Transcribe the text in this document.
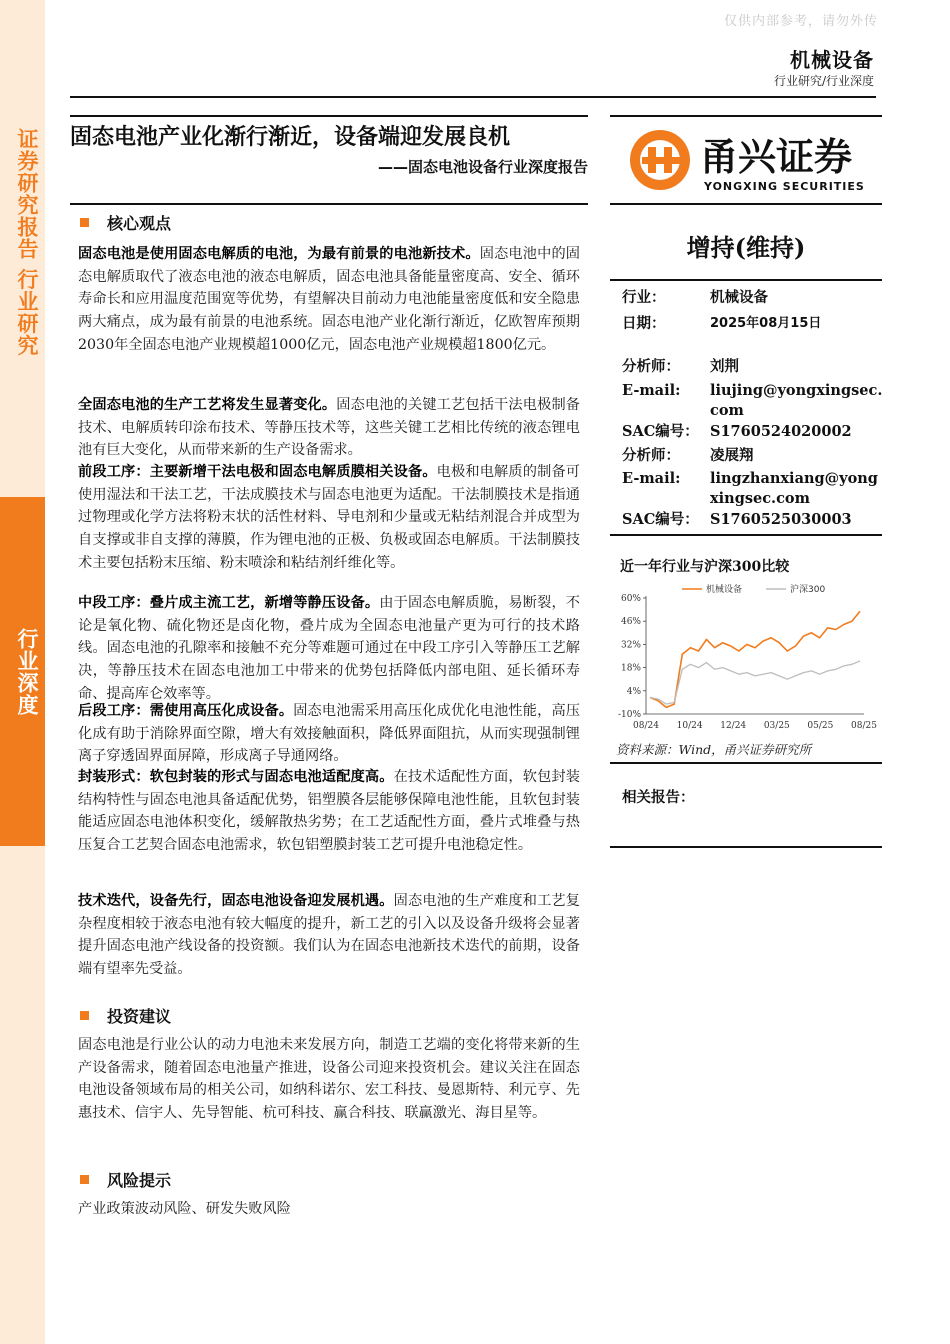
证券研究报告 行业研究
行业深度
仅供内部参考，请勿外传
机械设备
行业研究/行业深度
固态电池产业化渐行渐近，设备端迎发展良机
——固态电池设备行业深度报告
核心观点
固态电池是使用固态电解质的电池，为最有前景的电池新技术。固态电池中的固态电解质取代了液态电池的液态电解质，固态电池具备能量密度高、安全、循环寿命长和应用温度范围宽等优势，有望解决目前动力电池能量密度低和安全隐患两大痛点，成为最有前景的电池系统。固态电池产业化渐行渐近，亿欧智库预期2030年全固态电池产业规模超1000亿元，固态电池产业规模超1800亿元。
全固态电池的生产工艺将发生显著变化。固态电池的关键工艺包括干法电极制备技术、电解质转印涂布技术、等静压技术等，这些关键工艺相比传统的液态锂电池有巨大变化，从而带来新的生产设备需求。
前段工序：主要新增干法电极和固态电解质膜相关设备。电极和电解质的制备可使用湿法和干法工艺，干法成膜技术与固态电池更为适配。干法制膜技术是指通过物理或化学方法将粉末状的活性材料、导电剂和少量或无粘结剂混合并成型为自支撑或非自支撑的薄膜，作为锂电池的正极、负极或固态电解质。干法制膜技术主要包括粉末压缩、粉末喷涂和粘结剂纤维化等。
中段工序：叠片成主流工艺，新增等静压设备。由于固态电解质脆，易断裂，不论是氧化物、硫化物还是卤化物，叠片成为全固态电池量产更为可行的技术路线。固态电池的孔隙率和接触不充分等难题可通过在中段工序引入等静压工艺解决，等静压技术在固态电池加工中带来的优势包括降低内部电阻、延长循环寿命、提高库仑效率等。
后段工序：需使用高压化成设备。固态电池需采用高压化成优化电池性能，高压化成有助于消除界面空隙，增大有效接触面积，降低界面阻抗，从而实现强制锂离子穿透固界面屏障，形成离子导通网络。
封装形式：软包封装的形式与固态电池适配度高。在技术适配性方面，软包封装结构特性与固态电池具备适配优势，铝塑膜各层能够保障电池性能，且软包封装能适应固态电池体积变化，缓解散热劣势；在工艺适配性方面，叠片式堆叠与热压复合工艺契合固态电池需求，软包铝塑膜封装工艺可提升电池稳定性。
技术迭代，设备先行，固态电池设备迎发展机遇。固态电池的生产难度和工艺复杂程度相较于液态电池有较大幅度的提升，新工艺的引入以及设备升级将会显著提升固态电池产线设备的投资额。我们认为在固态电池新技术迭代的前期，设备端有望率先受益。
投资建议
固态电池是行业公认的动力电池未来发展方向，制造工艺端的变化将带来新的生产设备需求，随着固态电池量产推进，设备公司迎来投资机会。建议关注在固态电池设备领域布局的相关公司，如纳科诺尔、宏工科技、曼恩斯特、利元亨、先惠技术、信宇人、先导智能、杭可科技、赢合科技、联赢激光、海目星等。
风险提示
产业政策波动风险、研发失败风险
甬兴证券
YONGXING SECURITIES
增持(维持)
行业：	机械设备
日期：	2025年08月15日
分析师： 刘荆
E-mail: liujing@yongxingsec.com
SAC编号： S1760524020002
分析师： 凌展翔
E-mail: lingzhanxiang@yongxingsec.com
SAC编号： S1760525030003
近一年行业与沪深300比较
60%
46%
32%
18%
4%
-10%
08/24 10/24 12/24 03/25 05/25 08/25
机械设备	沪深300
资料来源：Wind，甬兴证券研究所
相关报告：
